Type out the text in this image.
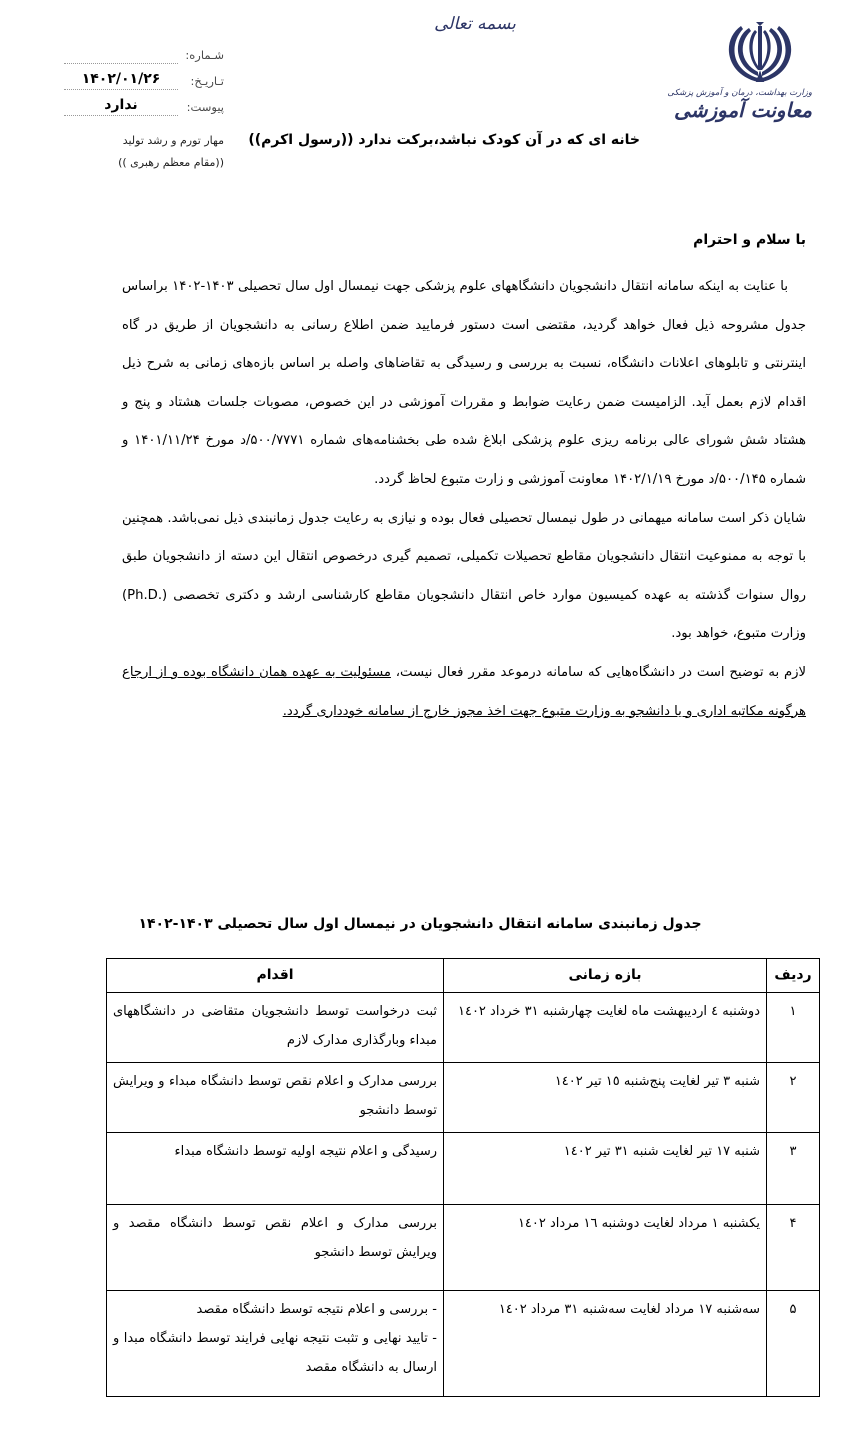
بسمه تعالی
وزارت بهداشت، درمان و آموزش پزشکی
معاونت آموزشی
شـماره:
تـاریـخ:
۱۴۰۲/۰۱/۲۶
پیوست:
ندارد
مهار تورم و رشد تولید
((مقام معظم رهبری ))
خانه ای که در آن کودک نباشد،برکت ندارد ((رسول اکرم))
با سلام و احترام

با عنایت به اینکه سامانه انتقال دانشجویان دانشگاههای علوم پزشکی جهت نیمسال اول سال تحصیلی ۱۴۰۳-۱۴۰۲ براساس جدول مشروحه ذیل فعال خواهد گردید، مقتضی است دستور فرمایید ضمن اطلاع رسانی به دانشجویان از طریق در گاه اینترنتی و تابلوهای اعلانات دانشگاه، نسبت به بررسی و رسیدگی به تقاضاهای واصله بر اساس بازه‌های زمانی به شرح ذیل اقدام لازم بعمل آید. الزامیست ضمن رعایت ضوابط و مقررات آموزشی در این خصوص، مصوبات جلسات هشتاد و پنج و هشتاد شش شورای عالی برنامه ریزی علوم پزشکی ابلاغ شده طی بخشنامه‌های شماره ۵۰۰/۷۷۷۱/د مورخ ۱۴۰۱/۱۱/۲۴ و شماره ۵۰۰/۱۴۵/د مورخ ۱۴۰۲/۱/۱۹ معاونت آموزشی و زارت متبوع لحاظ گردد.

شایان ذکر است سامانه میهمانی در طول نیمسال تحصیلی فعال بوده و نیازی به رعایت جدول زمانبندی ذیل نمی‌باشد. همچنین با توجه به ممنوعیت انتقال دانشجویان مقاطع تحصیلات تکمیلی، تصمیم گیری درخصوص انتقال این دسته از دانشجویان طبق روال سنوات گذشته به عهده کمیسیون موارد خاص انتقال دانشجویان مقاطع کارشناسی ارشد و دکتری تخصصی (.Ph.D) وزارت متبوع، خواهد بود.

لازم به توضیح است در دانشگاه‌هایی که سامانه درموعد مقرر فعال نیست، مسئولیت به عهده همان دانشگاه بوده و از ارجاع هرگونه مکاتبه اداری و یا دانشجو به وزارت متبوع جهت اخذ مجوز خارج از سامانه خودداری گردد.

جدول زمانبندی سامانه انتقال دانشجویان در نیمسال اول سال تحصیلی ۱۴۰۳-۱۴۰۲
ردیف	بازه زمانی	اقدام
۱	دوشنبه ٤ اردیبهشت ماه لغایت چهارشنبه ۳۱ خرداد ١٤٠٢	ثبت درخواست توسط دانشجویان متقاضی در دانشگاههای مبداء وبارگذاری مدارک لازم
۲	شنبه ۳ تیر لغایت پنج‌شنبه ١٥ تیر ١٤٠٢	بررسی مدارک و اعلام نقص توسط دانشگاه مبداء و ویرایش توسط دانشجو
۳	شنبه ۱۷ تیر لغایت شنبه ۳۱ تیر ١٤٠٢	رسیدگی و اعلام نتیجه اولیه توسط دانشگاه مبداء
۴	یکشنبه ١ مرداد لغایت دوشنبه ١٦ مرداد ١٤٠٢	بررسی مدارک و اعلام نقص توسط دانشگاه مقصد و ویرایش توسط دانشجو
۵	سه‌شنبه ۱۷ مرداد لغایت سه‌شنبه ۳۱ مرداد ١٤٠٢	- بررسی و اعلام نتیجه توسط دانشگاه مقصد
- تایید نهایی و تثبت نتیجه نهایی فرایند توسط دانشگاه مبدا و ارسال به دانشگاه مقصد
